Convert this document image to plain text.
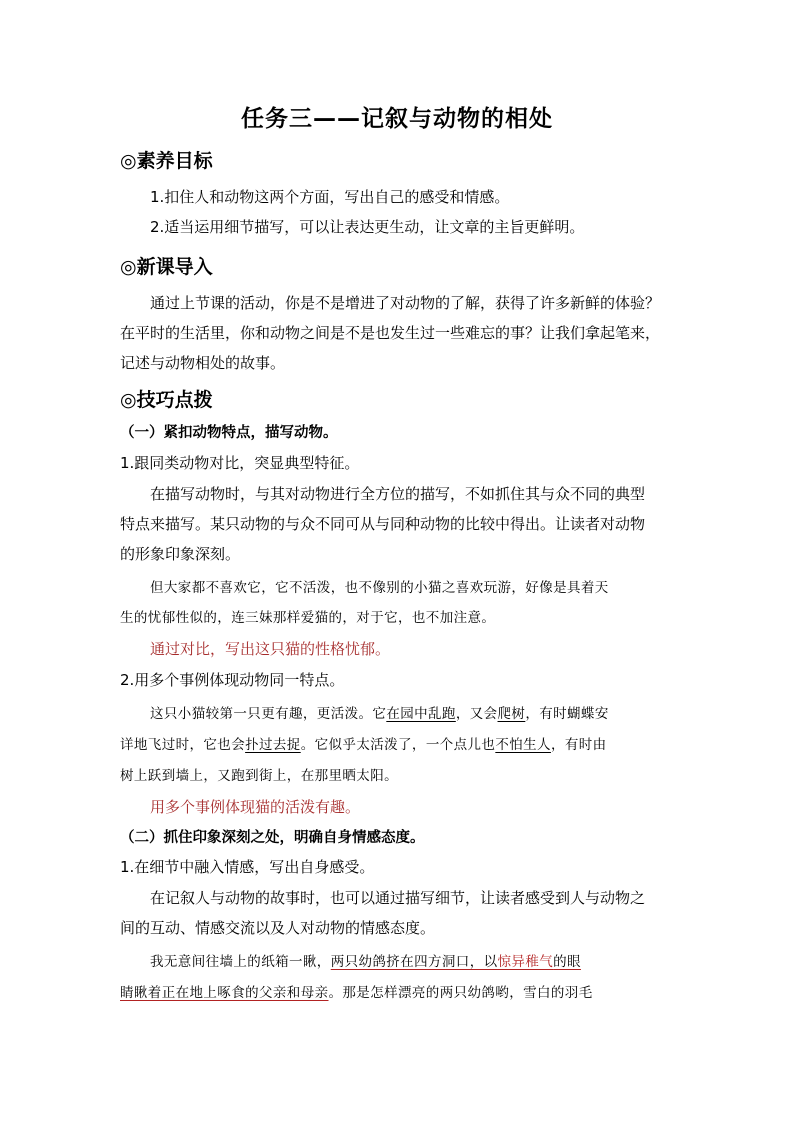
任务三——记叙与动物的相处
◎素养目标
1.扣住人和动物这两个方面，写出自己的感受和情感。
2.适当运用细节描写，可以让表达更生动，让文章的主旨更鲜明。
◎新课导入
通过上节课的活动，你是不是增进了对动物的了解，获得了许多新鲜的体验？
在平时的生活里，你和动物之间是不是也发生过一些难忘的事？让我们拿起笔来，
记述与动物相处的故事。
◎技巧点拨
（一）紧扣动物特点，描写动物。
1.跟同类动物对比，突显典型特征。
在描写动物时，与其对动物进行全方位的描写，不如抓住其与众不同的典型
特点来描写。某只动物的与众不同可从与同种动物的比较中得出。让读者对动物
的形象印象深刻。
但大家都不喜欢它，它不活泼，也不像别的小猫之喜欢玩游，好像是具着天
生的忧郁性似的，连三妹那样爱猫的，对于它，也不加注意。
通过对比，写出这只猫的性格忧郁。
2.用多个事例体现动物同一特点。
这只小猫较第一只更有趣，更活泼。它在园中乱跑，又会爬树，有时蝴蝶安
详地飞过时，它也会扑过去捉。它似乎太活泼了，一个点儿也不怕生人，有时由
树上跃到墙上，又跑到街上，在那里晒太阳。
用多个事例体现猫的活泼有趣。
（二）抓住印象深刻之处，明确自身情感态度。
1.在细节中融入情感，写出自身感受。
在记叙人与动物的故事时，也可以通过描写细节，让读者感受到人与动物之
间的互动、情感交流以及人对动物的情感态度。
我无意间往墙上的纸箱一瞅，两只幼鸽挤在四方洞口，以惊异稚气的眼
睛瞅着正在地上啄食的父亲和母亲。那是怎样漂亮的两只幼鸽哟，雪白的羽毛
